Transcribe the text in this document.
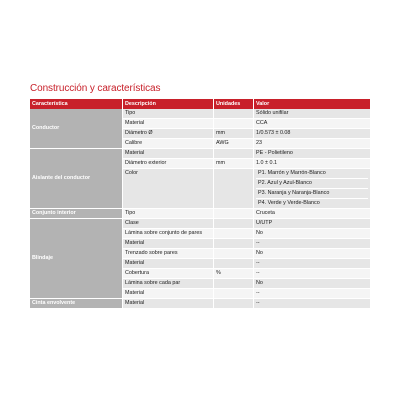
Construcción y características
Característica	Descripción	Unidades	Valor
Conductor	Tipo		Sólido unifilar
	Material		CCA
	Diámetro Ø	mm	1/0.573 ± 0.08
	Calibre	AWG	23
Aislante del conductor	Material		PE - Polietileno
	Diámetro exterior	mm	1.0 ± 0.1
	Color		P1. Marrón y Marrón-Blanco
P2. Azul y Azul-Blanco
P3. Naranja y Naranja-Blanco
P4. Verde y Verde-Blanco

Conjunto interior	Tipo		Cruceta
Blindaje	Clase		U/UTP
	Lámina sobre conjunto de pares		No
	Material		--
	Trenzado sobre pares		No
	Material		--
	Cobertura	%	--
	Lámina sobre cada par		No
	Material		--
Cinta envolvente	Material		--
